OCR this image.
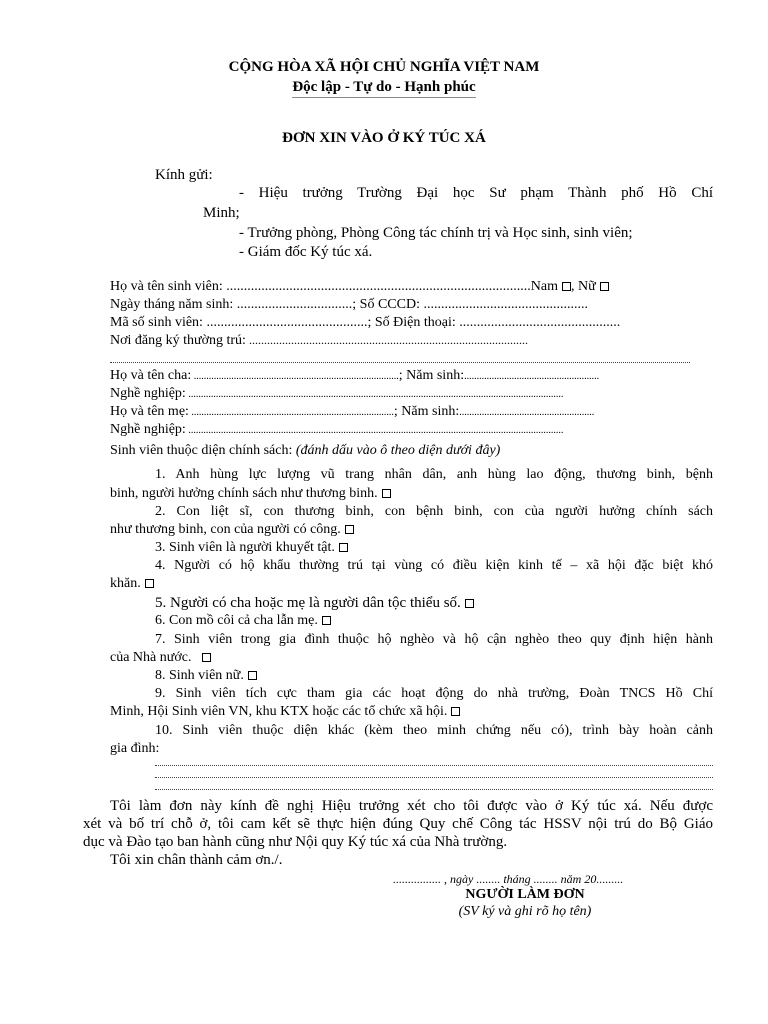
CỘNG HÒA XÃ HỘI CHỦ NGHĨA VIỆT NAM
Độc lập - Tự do - Hạnh phúc
ĐƠN XIN VÀO Ở KÝ TÚC XÁ
Kính gửi:
- Hiệu trưởng Trường Đại học Sư phạm Thành phố Hồ Chí
Minh;
- Trưởng phòng, Phòng Công tác chính trị và Học sinh, sinh viên;
- Giám đốc Ký túc xá.
Họ và tên sinh viên: .......................................................................................Nam , Nữ
Ngày tháng năm sinh: .................................; Số CCCD: ...............................................
Mã số sinh viên: ..............................................; Số Điện thoại: ..............................................
Nơi đăng ký thường trú: .............................................................................................
Họ và tên cha: ..................................................................................; Năm sinh:......................................................
Nghề nghiệp: ......................................................................................................................................................
Họ và tên mẹ: .................................................................................; Năm sinh:......................................................
Nghề nghiệp: ......................................................................................................................................................
Sinh viên thuộc diện chính sách: (đánh dấu vào ô theo diện dưới đây)
1. Anh hùng lực lượng vũ trang nhân dân, anh hùng lao động, thương binh, bệnh
binh, người hưởng chính sách như thương binh.
2. Con liệt sĩ, con thương binh, con bệnh binh, con của người hưởng chính sách
như thương binh, con của người có công.
3. Sinh viên là người khuyết tật.
4. Người có hộ khẩu thường trú tại vùng có điều kiện kinh tế – xã hội đặc biệt khó
khăn.
5. Người có cha hoặc mẹ là người dân tộc thiểu số.
6. Con mồ côi cả cha lẫn mẹ.
7. Sinh viên trong gia đình thuộc hộ nghèo và hộ cận nghèo theo quy định hiện hành
của Nhà nước.
8. Sinh viên nữ.
9. Sinh viên tích cực tham gia các hoạt động do nhà trường, Đoàn TNCS Hồ Chí
Minh, Hội Sinh viên VN, khu KTX hoặc các tổ chức xã hội.
10. Sinh viên thuộc diện khác (kèm theo minh chứng nếu có), trình bày hoàn cảnh
gia đình:
Tôi làm đơn này kính đề nghị Hiệu trưởng xét cho tôi được vào ở Ký túc xá. Nếu được
xét và bố trí chỗ ở, tôi cam kết sẽ thực hiện đúng Quy chế Công tác HSSV nội trú do Bộ Giáo
dục và Đào tạo ban hành cũng như Nội quy Ký túc xá của Nhà trường.
Tôi xin chân thành cảm ơn./.
................ , ngày ........ tháng ........ năm 20.........
NGƯỜI LÀM ĐƠN
(SV ký và ghi rõ họ tên)
